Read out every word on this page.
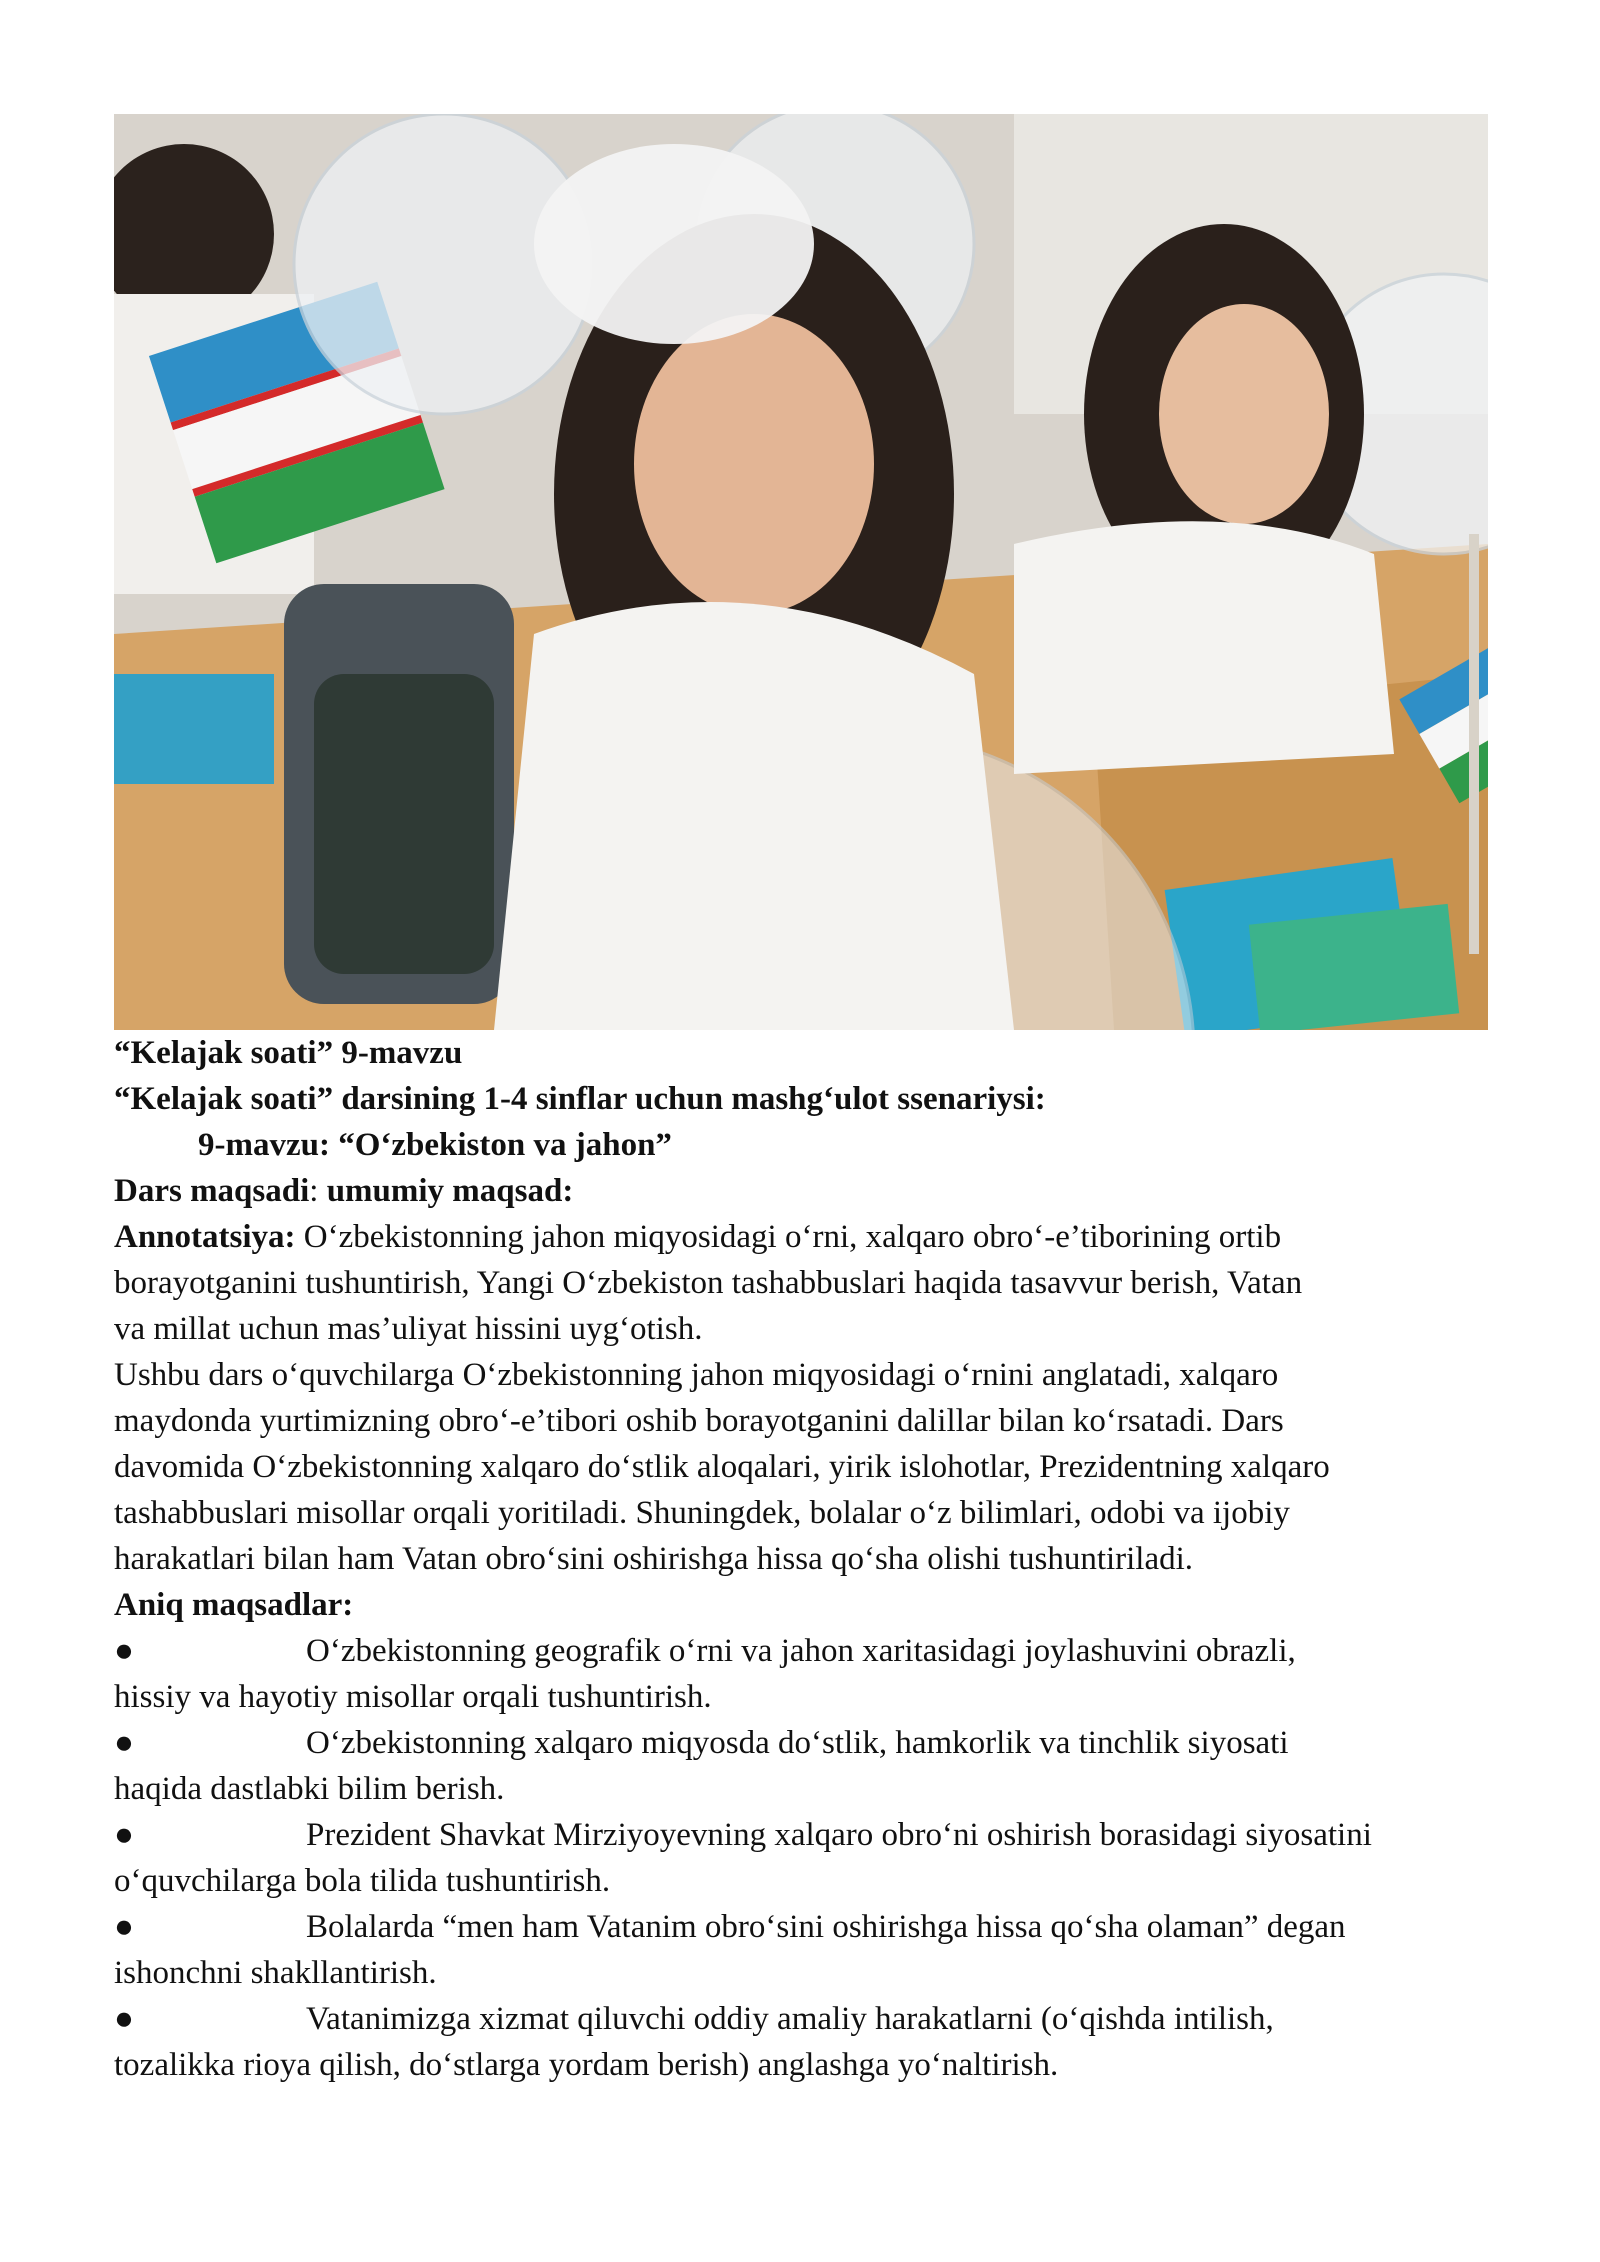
“Kelajak soati” 9-mavzu

“Kelajak soati” darsining 1-4 sinflar uchun mashg‘ulot ssenariysi:

9-mavzu: “O‘zbekiston va jahon”

Dars maqsadi: umumiy maqsad:

Annotatsiya: O‘zbekistonning jahon miqyosidagi o‘rni, xalqaro obro‘-e’tiborining ortib

borayotganini tushuntirish, Yangi O‘zbekiston tashabbuslari haqida tasavvur berish, Vatan

va millat uchun mas’uliyat hissini uyg‘otish.

Ushbu dars o‘quvchilarga O‘zbekistonning jahon miqyosidagi o‘rnini anglatadi, xalqaro

maydonda yurtimizning obro‘-e’tibori oshib borayotganini dalillar bilan ko‘rsatadi. Dars

davomida O‘zbekistonning xalqaro do‘stlik aloqalari, yirik islohotlar, Prezidentning xalqaro

tashabbuslari misollar orqali yoritiladi. Shuningdek, bolalar o‘z bilimlari, odobi va ijobiy

harakatlari bilan ham Vatan obro‘sini oshirishga hissa qo‘sha olishi tushuntiriladi.

Aniq maqsadlar:

●	O‘zbekistonning geografik o‘rni va jahon xaritasidagi joylashuvini obrazli,

hissiy va hayotiy misollar orqali tushuntirish.

●	O‘zbekistonning xalqaro miqyosda do‘stlik, hamkorlik va tinchlik siyosati

haqida dastlabki bilim berish.

●	Prezident Shavkat Mirziyoyevning xalqaro obro‘ni oshirish borasidagi siyosatini

o‘quvchilarga bola tilida tushuntirish.

●	Bolalarda “men ham Vatanim obro‘sini oshirishga hissa qo‘sha olaman” degan

ishonchni shakllantirish.

●	Vatanimizga xizmat qiluvchi oddiy amaliy harakatlarni (o‘qishda intilish,

tozalikka rioya qilish, do‘stlarga yordam berish) anglashga yo‘naltirish.
